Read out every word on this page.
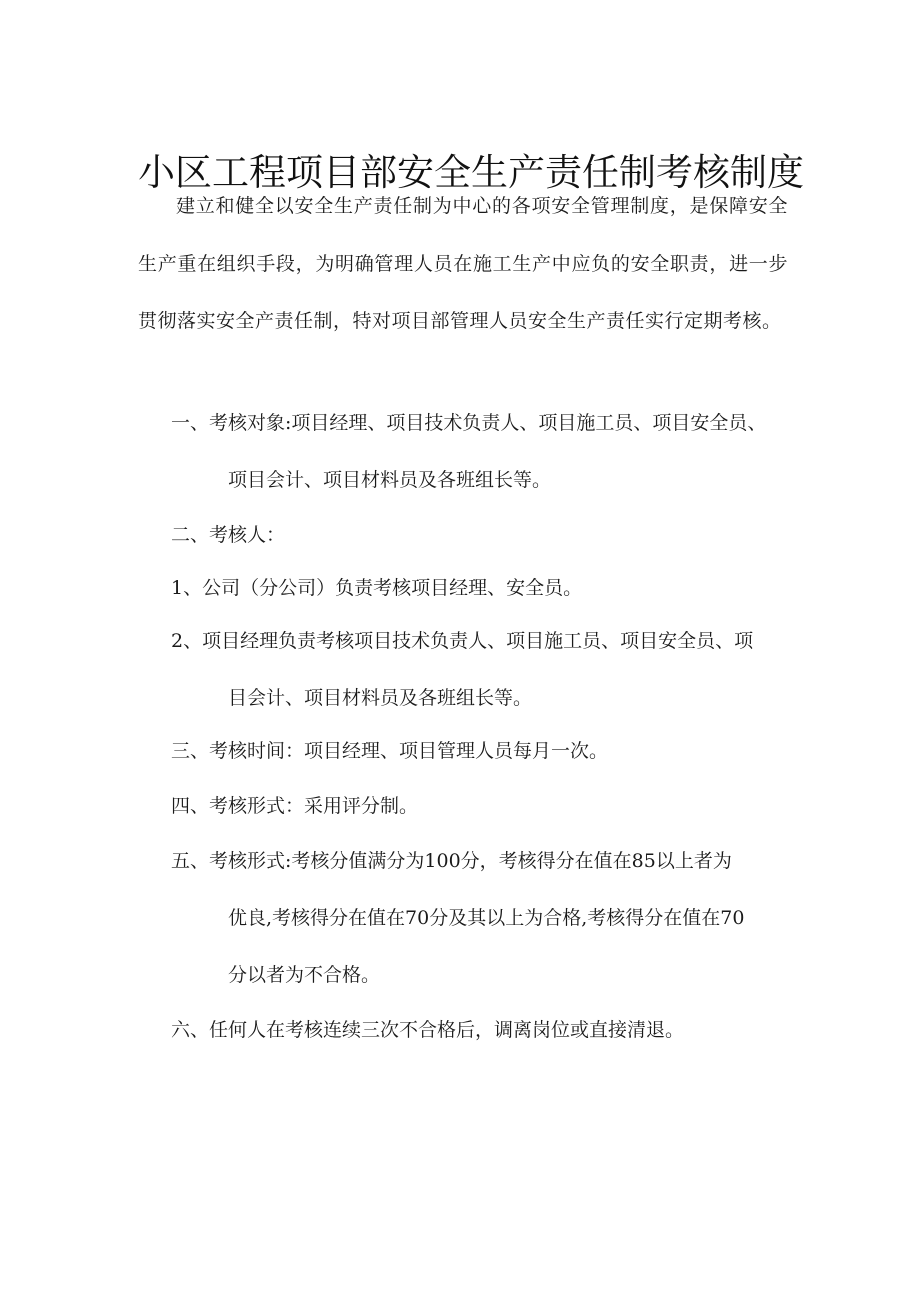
小区工程项目部安全生产责任制考核制度

建立和健全以安全生产责任制为中心的各项安全管理制度，是保障安全生产重在组织手段，为明确管理人员在施工生产中应负的安全职责，进一步贯彻落实安全产责任制，特对项目部管理人员安全生产责任实行定期考核。

一、考核对象:项目经理、项目技术负责人、项目施工员、项目安全员、
项目会计、项目材料员及各班组长等。
二、考核人：
1、公司（分公司）负责考核项目经理、安全员。
2、项目经理负责考核项目技术负责人、项目施工员、项目安全员、项
目会计、项目材料员及各班组长等。
三、考核时间：项目经理、项目管理人员每月一次。
四、考核形式：采用评分制。
五、考核形式:考核分值满分为100分，考核得分在值在85以上者为
优良,考核得分在值在70分及其以上为合格,考核得分在值在70
分以者为不合格。
六、任何人在考核连续三次不合格后，调离岗位或直接清退。
